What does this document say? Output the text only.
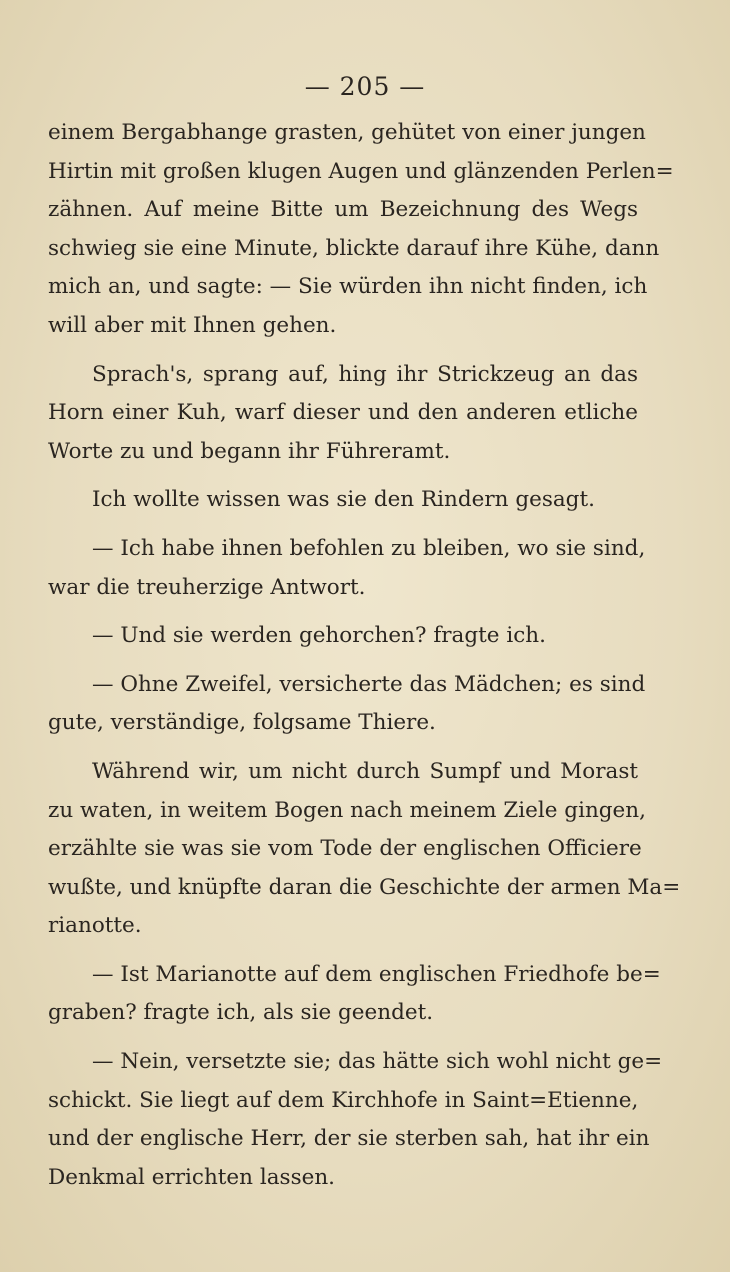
— 205 —
einem Bergabhange grasten, gehütet von einer jungen
Hirtin mit großen klugen Augen und glänzenden Perlen=
zähnen. Auf meine Bitte um Bezeichnung des Wegs
schwieg sie eine Minute, blickte darauf ihre Kühe, dann
mich an, und sagte: — Sie würden ihn nicht finden, ich
will aber mit Ihnen gehen.
Sprach's, sprang auf, hing ihr Strickzeug an das
Horn einer Kuh, warf dieser und den anderen etliche
Worte zu und begann ihr Führeramt.
Ich wollte wissen was sie den Rindern gesagt.
— Ich habe ihnen befohlen zu bleiben, wo sie sind,
war die treuherzige Antwort.
— Und sie werden gehorchen? fragte ich.
— Ohne Zweifel, versicherte das Mädchen; es sind
gute, verständige, folgsame Thiere.
Während wir, um nicht durch Sumpf und Morast
zu waten, in weitem Bogen nach meinem Ziele gingen,
erzählte sie was sie vom Tode der englischen Officiere
wußte, und knüpfte daran die Geschichte der armen Ma=
rianotte.
— Ist Marianotte auf dem englischen Friedhofe be=
graben? fragte ich, als sie geendet.
— Nein, versetzte sie; das hätte sich wohl nicht ge=
schickt. Sie liegt auf dem Kirchhofe in Saint=Etienne,
und der englische Herr, der sie sterben sah, hat ihr ein
Denkmal errichten lassen.
